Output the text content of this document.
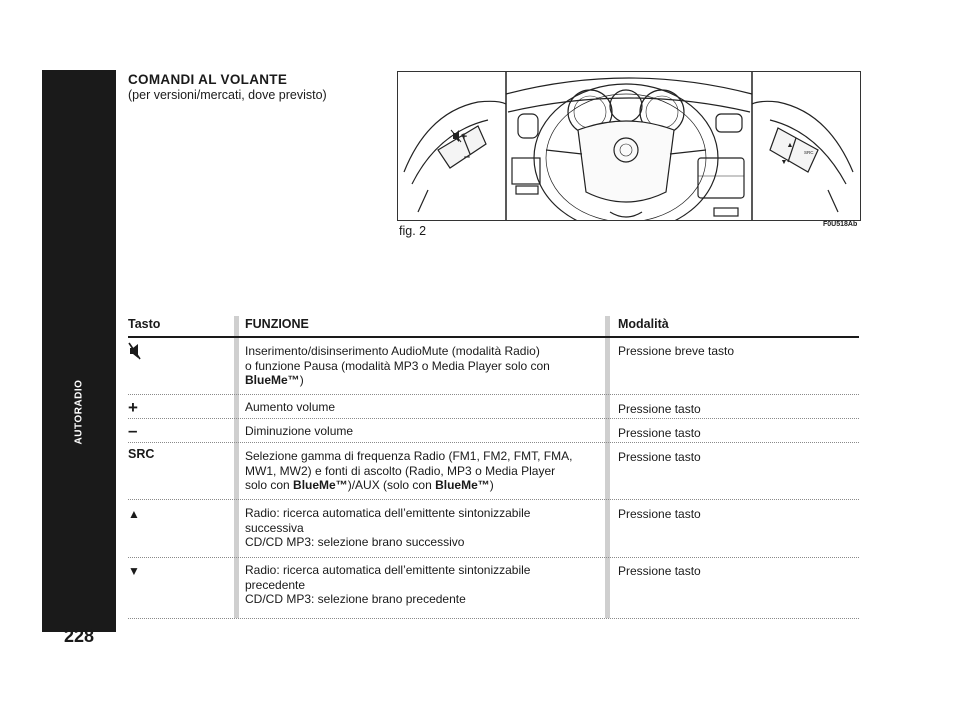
AUTORADIO
228
COMANDI AL VOLANTE
(per versioni/mercati, dove previsto)
+
–
▲
▼
SRC
fig. 2	F0U518Ab
Tasto	FUNZIONE	Modalità
Inserimento/disinserimento AudioMute (modalità Radio)
o funzione Pausa (modalità MP3 o Media Player solo con
BlueMe™)
Pressione breve tasto
+	Aumento volume	Pressione tasto
–	Diminuzione volume	Pressione tasto
SRC	Selezione gamma di frequenza Radio (FM1, FM2, FMT, FMA,
MW1, MW2) e fonti di ascolto (Radio, MP3 o Media Player
solo con BlueMe™)/AUX (solo con BlueMe™)
Pressione tasto
▲	Radio: ricerca automatica dell’emittente sintonizzabile
successiva
CD/CD MP3: selezione brano successivo
Pressione tasto
▼	Radio: ricerca automatica dell’emittente sintonizzabile
precedente
CD/CD MP3: selezione brano precedente
Pressione tasto
